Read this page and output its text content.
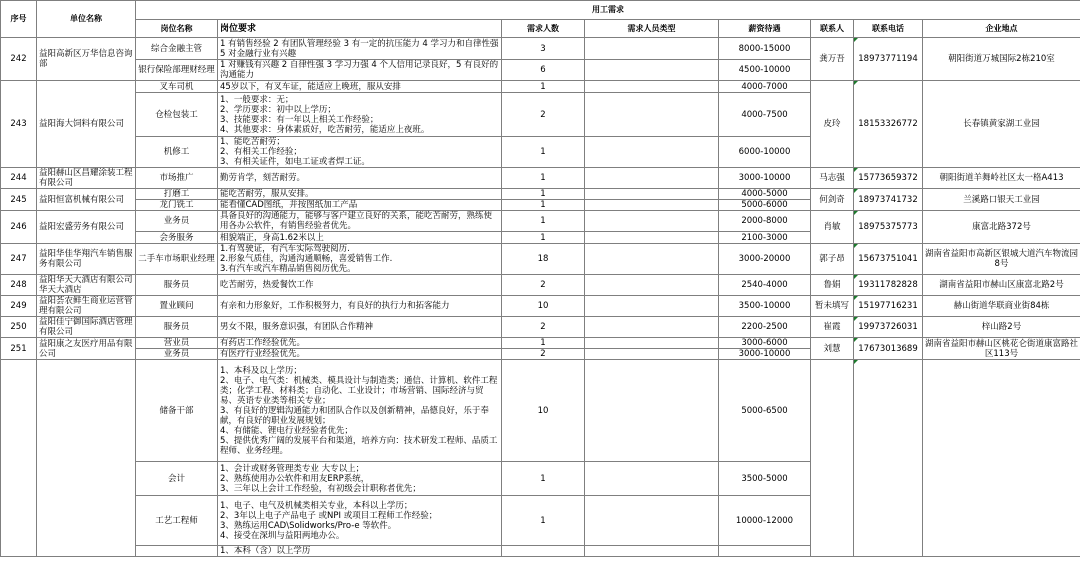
序号	单位名称	用工需求							
		岗位名称	岗位要求	需求人数	需求人员类型	薪资待遇	联系人	联系电话	企业地点
242	益阳高新区万华信息咨询部	综合金融主管	1 有销售经验 2 有团队管理经验 3 有一定的抗压能力 4 学习力和自律性强 5 对金融行业有兴趣	3		8000-15000	龚万吾	18973771194	朝阳街道万城国际2栋210室
		银行保险部理财经理	1 对赚钱有兴趣 2 自律性强 3 学习力强 4 个人信用记录良好，5 有良好的沟通能力	6		4500-10000			
243	益阳海大饲料有限公司	叉车司机	45岁以下，有叉车证，能适应上晚班，服从安排	1		4000-7000	皮玲	18153326772	长春镇黄家湖工业园
		仓检包装工	1、一般要求：无；
2、学历要求：初中以上学历；
3、技能要求：有一年以上相关工作经验；
4、其他要求：身体素质好，吃苦耐劳，能适应上夜班。	2		4000-7500			
		机修工	1、能吃苦耐劳；
2、有相关工作经验；
3、有相关证件，如电工证或者焊工证。	1		6000-10000			
244	益阳赫山区昌耀涂装工程有限公司	市场推广	勤劳肯学，刻苦耐劳。	1		3000-10000	马志强	15773659372	朝阳街道羊舞岭社区太一格A413
245	益阳恒富机械有限公司	打磨工	能吃苦耐劳，服从安排。	1		4000-5000	何剑奇	18973741732	兰溪路口银天工业园
		龙门铣工	能看懂CAD图纸，并按图纸加工产品	1		5000-6000			
246	益阳宏盛劳务有限公司	业务员	具备良好的沟通能力，能够与客户建立良好的关系，能吃苦耐劳，熟练使用各办公软件，有销售经验者优先。	1		2000-8000	肖敏	18975375773	康富北路372号
		会务服务	相貌端正，身高1.62米以上	1		2100-3000			
247	益阳华佳华翔汽车销售服务有限公司	二手车市场职业经理	1.有驾驶证，有汽车实际驾驶阅历.
2.形象气质佳，沟通沟通顺畅，喜爱销售工作.
3.有汽车或汽车精品销售阅历优先。	18		3000-20000	郭子昂	15673751041	湖南省益阳市高新区银城大道汽车物流园8号
248	益阳华天大酒店有限公司华天大酒店	服务员	吃苦耐劳，热爱餐饮工作	2		2540-4000	鲁娟	19311782828	湖南省益阳市赫山区康富北路2号
249	益阳荟农鲜生商业运营管理有限公司	置业顾问	有亲和力形象好，工作积极努力，有良好的执行力和拓客能力	10		3500-10000	暂未填写	15197716231	赫山街道华联商业街84栋
250	益阳佳宁御国际酒店管理有限公司	服务员	男女不限，服务意识强，有团队合作精神	2		2200-2500	崔霞	19973726031	梓山路2号
251	益阳康之友医疗用品有限公司	营业员	有药店工作经验优先。	1		3000-6000	刘慧	17673013689	湖南省益阳市赫山区桃花仑街道康富路社区113号
		业务员	有医疗行业经验优先。	2		3000-10000			
		储备干部	1、本科及以上学历；
2、电子、电气类：机械类、模具设计与制造类；通信、计算机、软件工程类；化学工程、材料类；自动化、工业设计；市场营销、国际经济与贸易、英语专业类等相关专业；
3、有良好的逻辑沟通能力和团队合作以及创新精神，品德良好，乐于奉献，有良好的职业发展规划；
4、有储能、锂电行业经验者优先；
5、提供优秀广阔的发展平台和渠道，培养方向：技术研发工程师、品质工程师、业务经理。	10		5000-6500			
		会计	1、会计或财务管理类专业 大专以上；
2、熟练使用办公软件和用友ERP系统，
3、三年以上会计工作经验，有初级会计职称者优先；	1		3500-5000			
		工艺工程师	1、电子、电气及机械类相关专业，本科以上学历；
2、3年以上电子产品电子 或NPI 或项目工程师工作经验；
3、熟练运用CAD\Solidworks/Pro-e 等软件。
4、接受在深圳与益阳两地办公。	1		10000-12000			
			1、本科（含）以上学历						
